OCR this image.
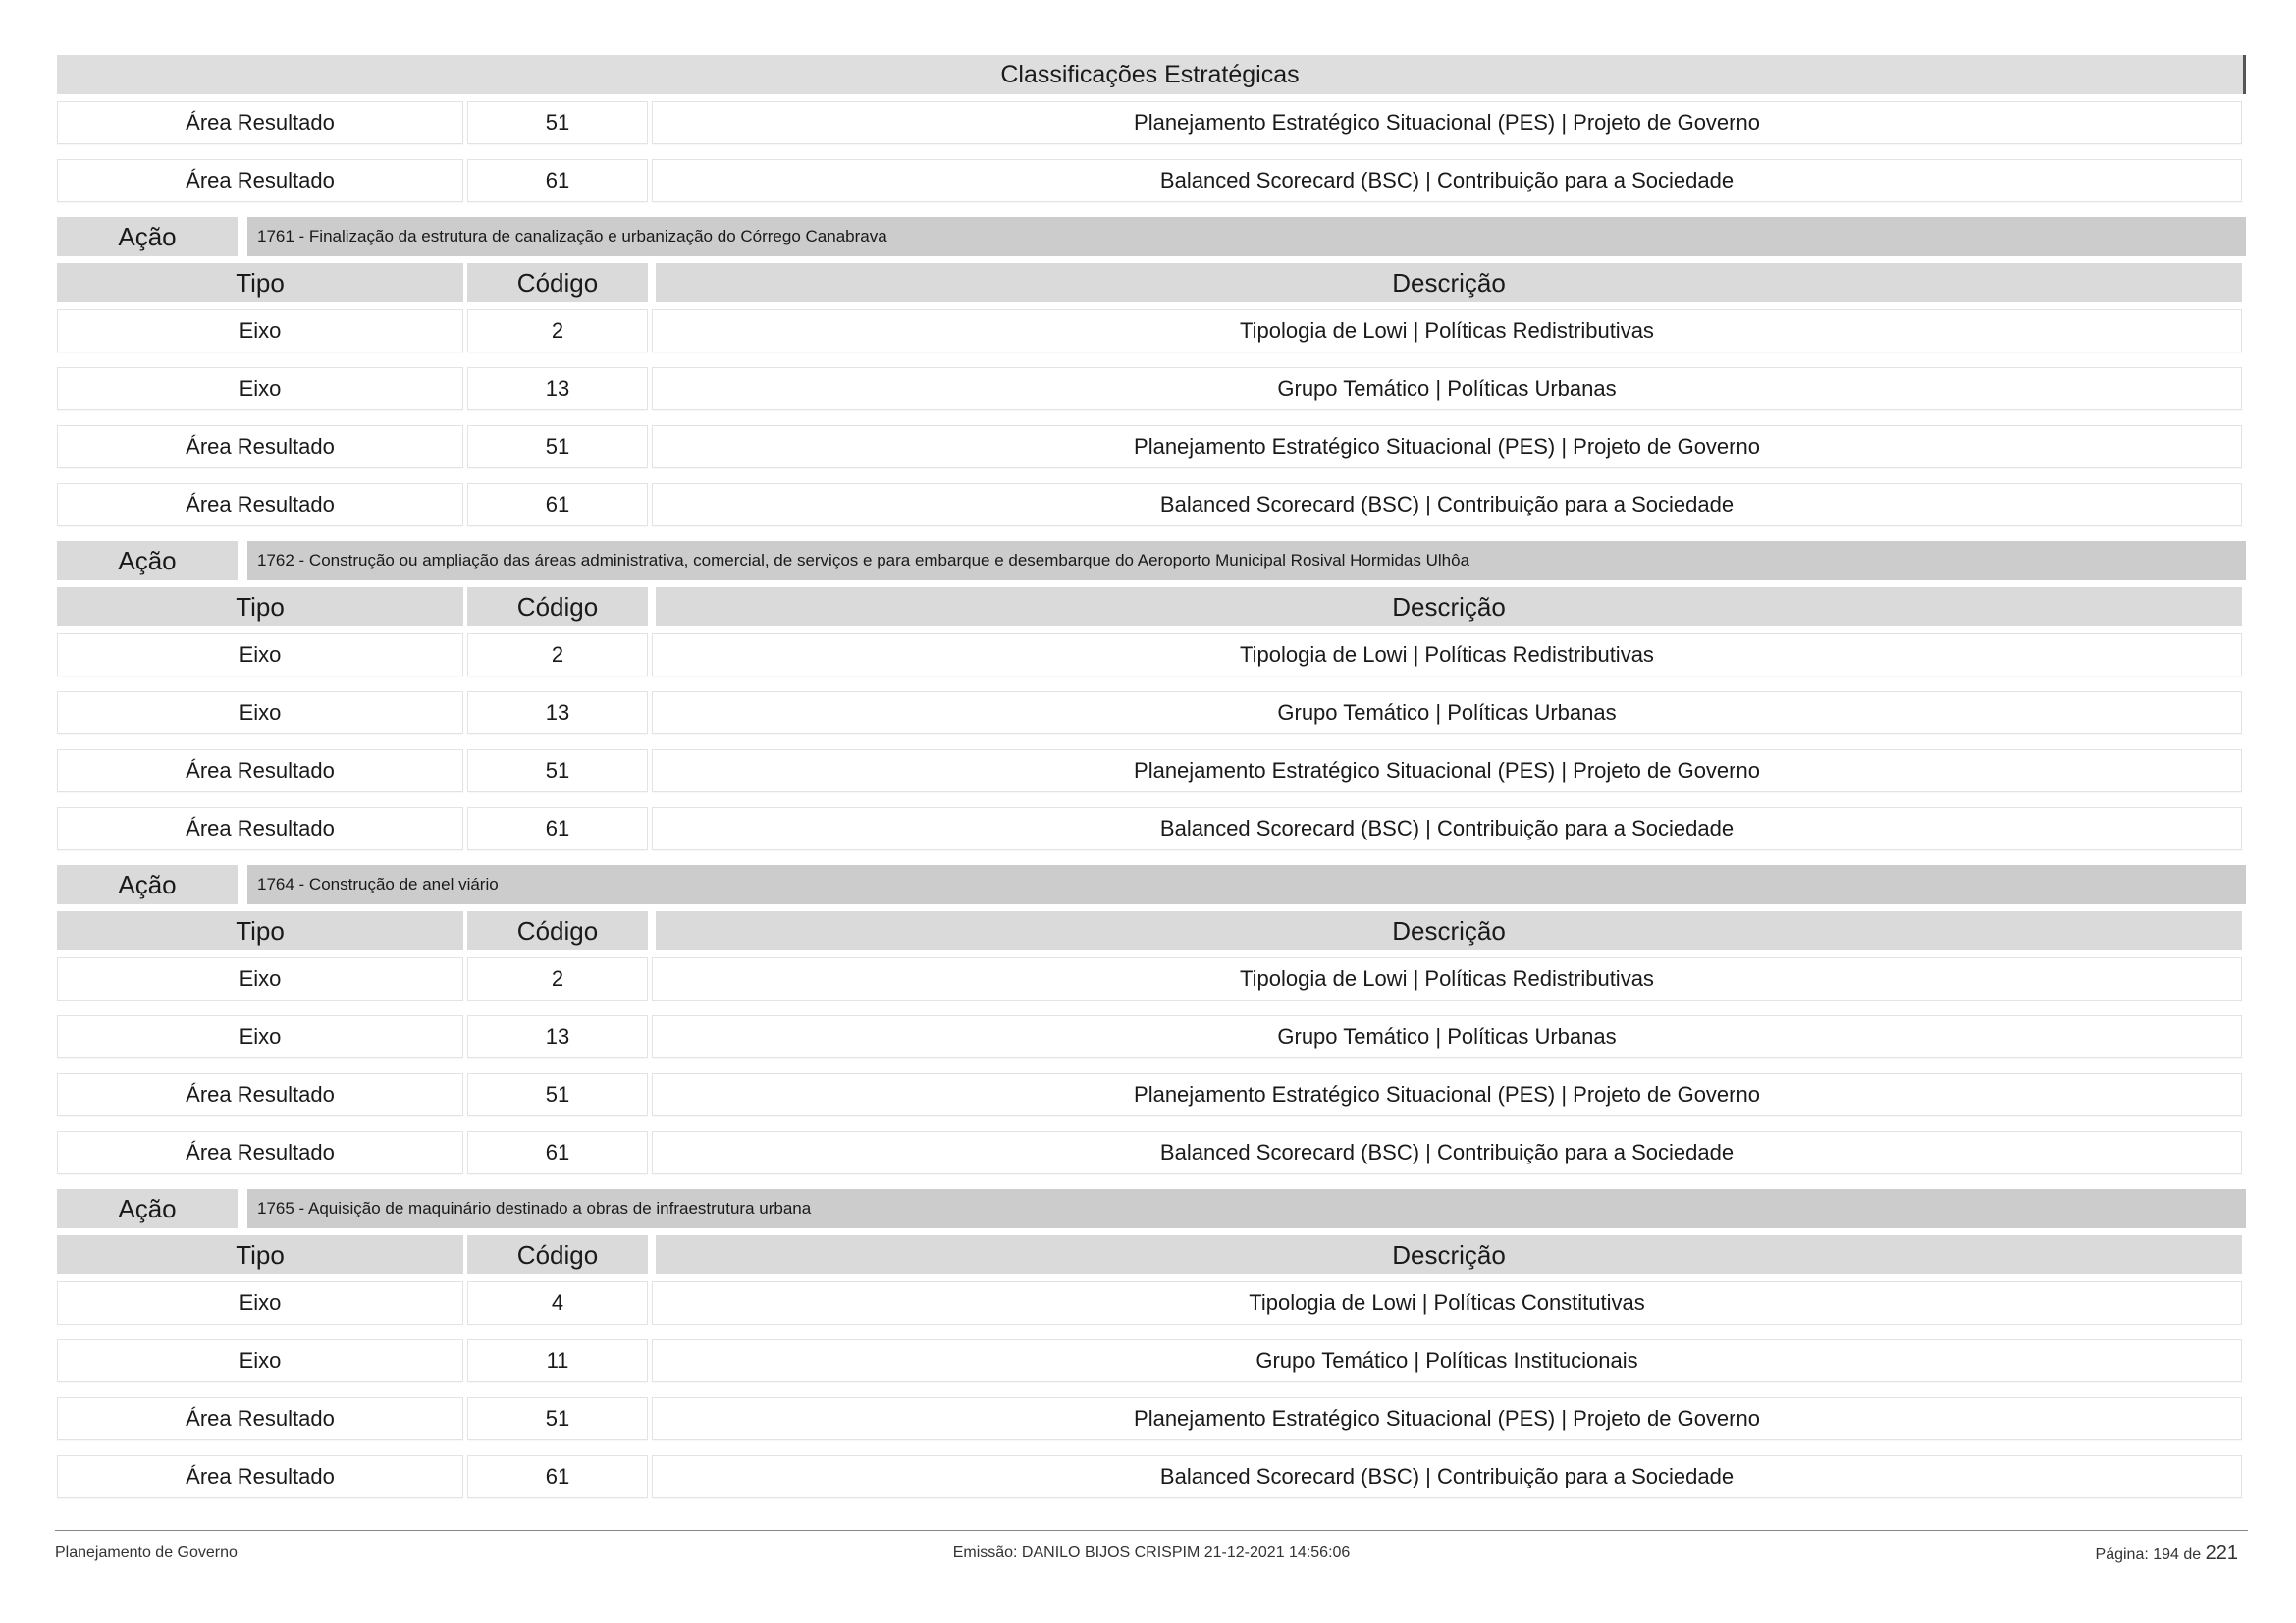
Classificações Estratégicas
Área Resultado	51	Planejamento Estratégico Situacional (PES) | Projeto de Governo
Área Resultado	61	Balanced Scorecard (BSC) | Contribuição para a Sociedade
Ação	1761 - Finalização da estrutura de canalização e urbanização do Córrego Canabrava
Tipo	Código	Descrição
Eixo	2	Tipologia de Lowi | Políticas Redistributivas
Eixo	13	Grupo Temático | Políticas Urbanas
Área Resultado	51	Planejamento Estratégico Situacional (PES) | Projeto de Governo
Área Resultado	61	Balanced Scorecard (BSC) | Contribuição para a Sociedade
Ação	1762 - Construção ou ampliação das áreas administrativa, comercial, de serviços e para embarque e desembarque do Aeroporto Municipal Rosival Hormidas Ulhôa
Tipo	Código	Descrição
Eixo	2	Tipologia de Lowi | Políticas Redistributivas
Eixo	13	Grupo Temático | Políticas Urbanas
Área Resultado	51	Planejamento Estratégico Situacional (PES) | Projeto de Governo
Área Resultado	61	Balanced Scorecard (BSC) | Contribuição para a Sociedade
Ação	1764 - Construção de anel viário
Tipo	Código	Descrição
Eixo	2	Tipologia de Lowi | Políticas Redistributivas
Eixo	13	Grupo Temático | Políticas Urbanas
Área Resultado	51	Planejamento Estratégico Situacional (PES) | Projeto de Governo
Área Resultado	61	Balanced Scorecard (BSC) | Contribuição para a Sociedade
Ação	1765 - Aquisição de maquinário destinado a obras de infraestrutura urbana
Tipo	Código	Descrição
Eixo	4	Tipologia de Lowi | Políticas Constitutivas
Eixo	11	Grupo Temático | Políticas Institucionais
Área Resultado	51	Planejamento Estratégico Situacional (PES) | Projeto de Governo
Área Resultado	61	Balanced Scorecard (BSC) | Contribuição para a Sociedade
Planejamento de Governo	Emissão: DANILO BIJOS CRISPIM 21-12-2021 14:56:06	Página: 194 de 221
